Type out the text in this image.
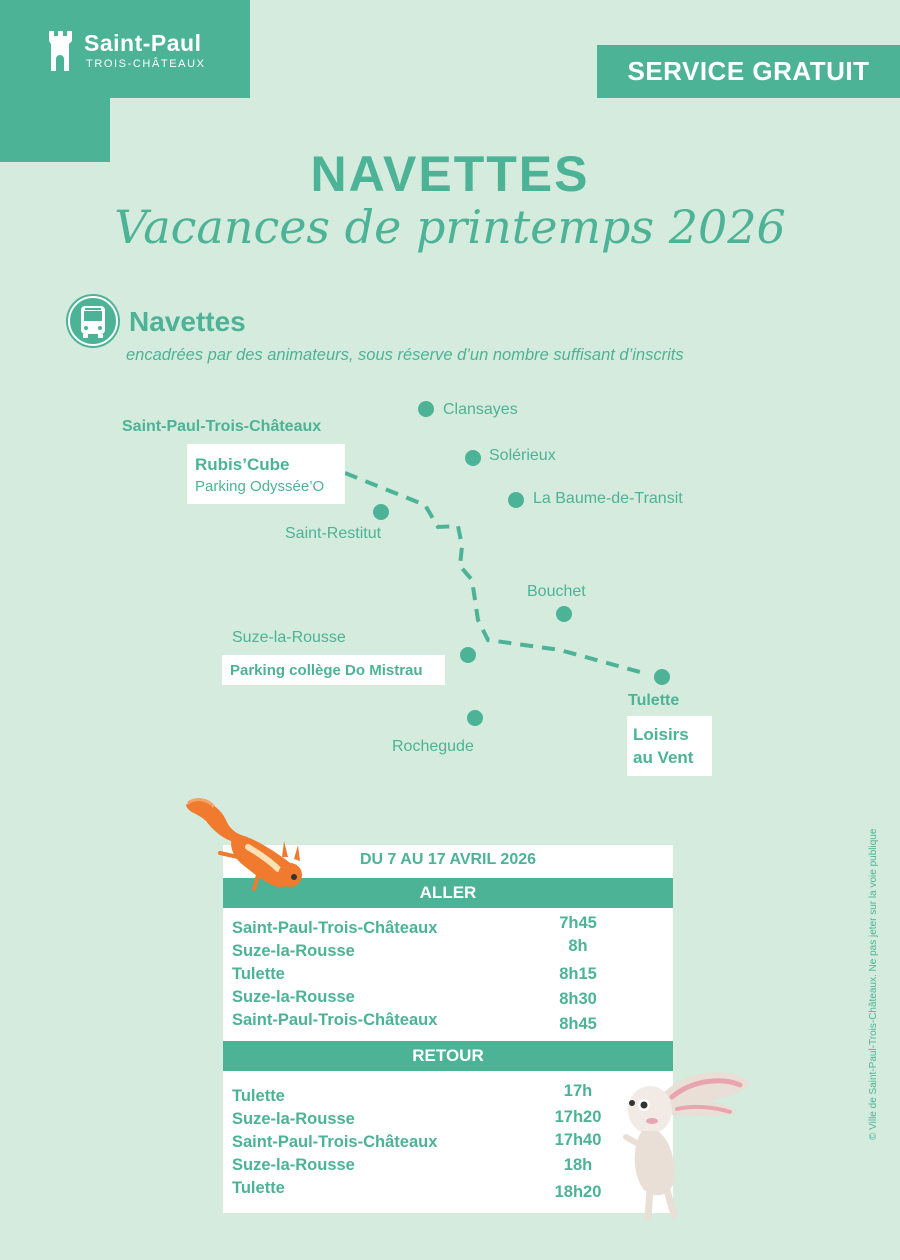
Saint-Paul
TROIS-CHÂTEAUX	SERVICE GRATUIT
NAVETTES
Vacances de printemps 2026
Navettes
encadrées par des animateurs, sous réserve d’un nombre suffisant d’inscrits
Saint-Paul-Trois-Châteaux
Clansayes
Solérieux
La Baume-de-Transit
Saint-Restitut
Bouchet
Suze-la-Rousse
Tulette
Rochegude
Rubis’Cube
Parking Odyssée’O
Parking collège Do Mistrau
Loisirs
au Vent
DU 7 AU 17 AVRIL 2026
ALLER
Saint-Paul-Trois-Châteaux	7h45
Suze-la-Rousse	8h
Tulette	8h15
Suze-la-Rousse	8h30
Saint-Paul-Trois-Châteaux	8h45
RETOUR
Tulette	17h
Suze-la-Rousse	17h20
Saint-Paul-Trois-Châteaux	17h40
Suze-la-Rousse	18h
Tulette	18h20
© Ville de Saint-Paul-Trois-Châteaux. Ne pas jeter sur la voie publique
